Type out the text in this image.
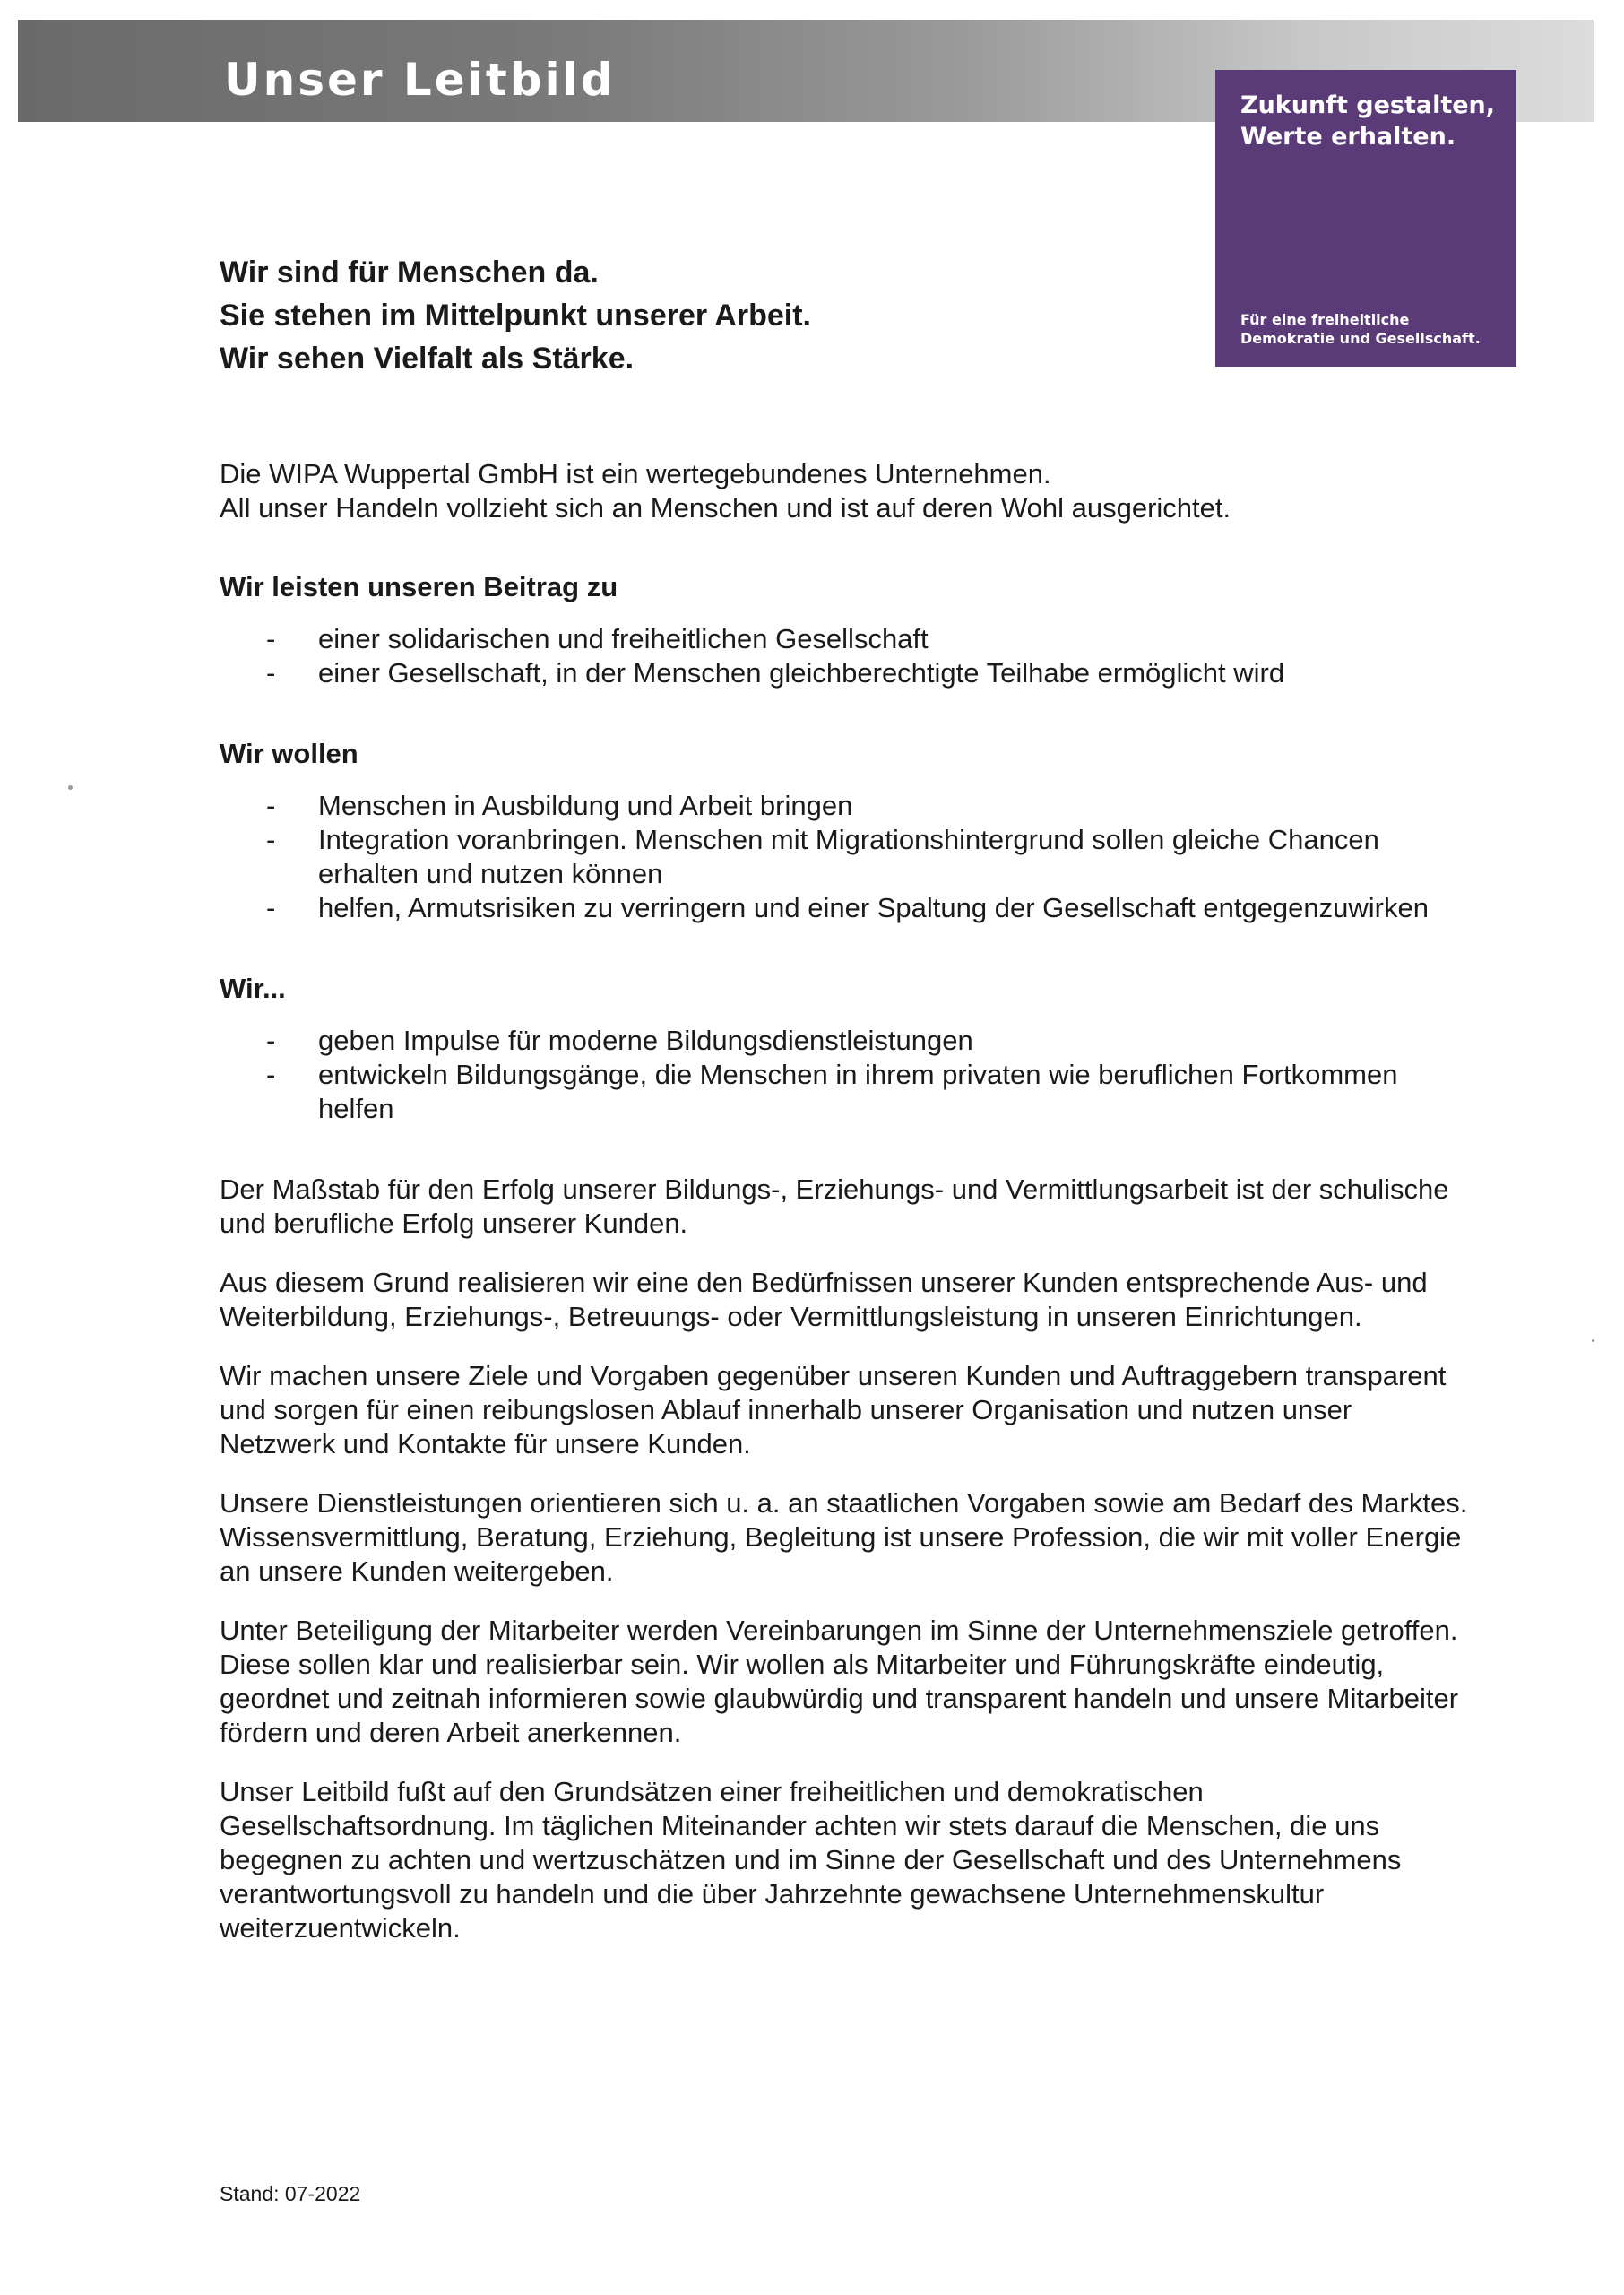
Unser Leitbild	Zukunft gestalten,
Werte erhalten.

Für eine freiheitliche
Demokratie und Gesellschaft.

Wir sind für Menschen da.
Sie stehen im Mittelpunkt unserer Arbeit.
Wir sehen Vielfalt als Stärke.

Die WIPA Wuppertal GmbH ist ein wertegebundenes Unternehmen.
All unser Handeln vollzieht sich an Menschen und ist auf deren Wohl ausgerichtet.

Wir leisten unseren Beitrag zu

- einer solidarischen und freiheitlichen Gesellschaft
- einer Gesellschaft, in der Menschen gleichberechtigte Teilhabe ermöglicht wird

Wir wollen

- Menschen in Ausbildung und Arbeit bringen
- Integration voranbringen. Menschen mit Migrationshintergrund sollen gleiche Chancen erhalten und nutzen können
- helfen, Armutsrisiken zu verringern und einer Spaltung der Gesellschaft entgegenzuwirken

Wir...

- geben Impulse für moderne Bildungsdienstleistungen
- entwickeln Bildungsgänge, die Menschen in ihrem privaten wie beruflichen Fortkommen helfen

Der Maßstab für den Erfolg unserer Bildungs-, Erziehungs- und Vermittlungsarbeit ist der schulische und berufliche Erfolg unserer Kunden.

Aus diesem Grund realisieren wir eine den Bedürfnissen unserer Kunden entsprechende Aus- und Weiterbildung, Erziehungs-, Betreuungs- oder Vermittlungsleistung in unseren Einrichtungen.

Wir machen unsere Ziele und Vorgaben gegenüber unseren Kunden und Auftraggebern transparent und sorgen für einen reibungslosen Ablauf innerhalb unserer Organisation und nutzen unser Netzwerk und Kontakte für unsere Kunden.

Unsere Dienstleistungen orientieren sich u. a. an staatlichen Vorgaben sowie am Bedarf des Marktes. Wissensvermittlung, Beratung, Erziehung, Begleitung ist unsere Profession, die wir mit voller Energie an unsere Kunden weitergeben.

Unter Beteiligung der Mitarbeiter werden Vereinbarungen im Sinne der Unternehmensziele getroffen. Diese sollen klar und realisierbar sein. Wir wollen als Mitarbeiter und Führungskräfte eindeutig, geordnet und zeitnah informieren sowie glaubwürdig und transparent handeln und unsere Mitarbeiter fördern und deren Arbeit anerkennen.

Unser Leitbild fußt auf den Grundsätzen einer freiheitlichen und demokratischen Gesellschaftsordnung. Im täglichen Miteinander achten wir stets darauf die Menschen, die uns begegnen zu achten und wertzuschätzen und im Sinne der Gesellschaft und des Unternehmens verantwortungsvoll zu handeln und die über Jahrzehnte gewachsene Unternehmenskultur weiterzuentwickeln.

Stand: 07-2022
